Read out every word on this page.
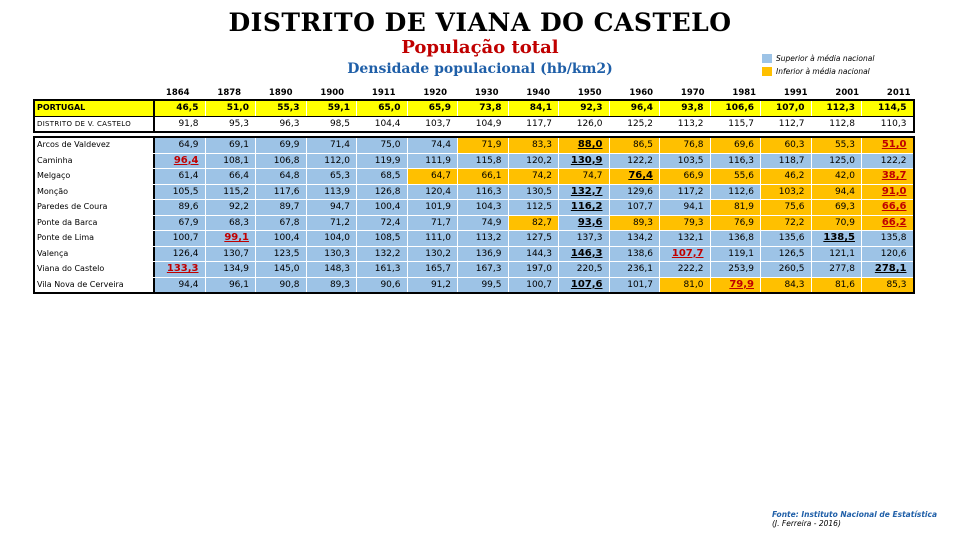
DISTRITO DE VIANA DO CASTELO
População total
Densidade populacional (hb/km2)
Superior à média nacional
Inferior à média nacional
1864	1878	1890	1900	1911	1920	1930	1940	1950	1960	1970	1981	1991	2001	2011
PORTUGAL	46,5	51,0	55,3	59,1	65,0	65,9	73,8	84,1	92,3	96,4	93,8	106,6	107,0	112,3	114,5
DISTRITO DE V. CASTELO	91,8	95,3	96,3	98,5	104,4	103,7	104,9	117,7	126,0	125,2	113,2	115,7	112,7	112,8	110,3
Arcos de Valdevez	64,9	69,1	69,9	71,4	75,0	74,4	71,9	83,3	88,0	86,5	76,8	69,6	60,3	55,3	51,0
Caminha	96,4	108,1	106,8	112,0	119,9	111,9	115,8	120,2	130,9	122,2	103,5	116,3	118,7	125,0	122,2
Melgaço	61,4	66,4	64,8	65,3	68,5	64,7	66,1	74,2	74,7	76,4	66,9	55,6	46,2	42,0	38,7
Monção	105,5	115,2	117,6	113,9	126,8	120,4	116,3	130,5	132,7	129,6	117,2	112,6	103,2	94,4	91,0
Paredes de Coura	89,6	92,2	89,7	94,7	100,4	101,9	104,3	112,5	116,2	107,7	94,1	81,9	75,6	69,3	66,6
Ponte da Barca	67,9	68,3	67,8	71,2	72,4	71,7	74,9	82,7	93,6	89,3	79,3	76,9	72,2	70,9	66,2
Ponte de Lima	100,7	99,1	100,4	104,0	108,5	111,0	113,2	127,5	137,3	134,2	132,1	136,8	135,6	138,5	135,8
Valença	126,4	130,7	123,5	130,3	132,2	130,2	136,9	144,3	146,3	138,6	107,7	119,1	126,5	121,1	120,6
Viana do Castelo	133,3	134,9	145,0	148,3	161,3	165,7	167,3	197,0	220,5	236,1	222,2	253,9	260,5	277,8	278,1
Vila Nova de Cerveira	94,4	96,1	90,8	89,3	90,6	91,2	99,5	100,7	107,6	101,7	81,0	79,9	84,3	81,6	85,3
Fonte: Instituto Nacional de Estatística
(J. Ferreira - 2016)
